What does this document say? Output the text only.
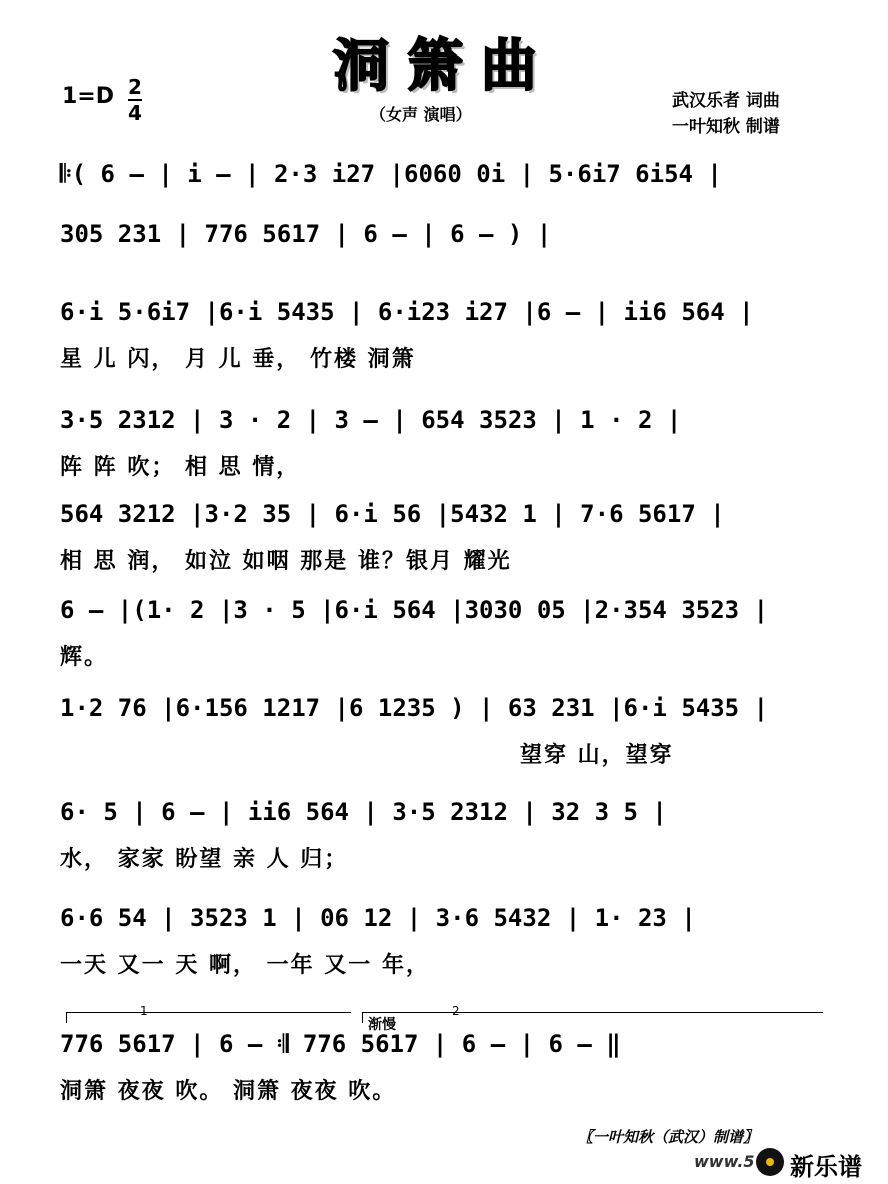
洞箫曲
1=D 2
4	（女声 演唱）
武汉乐者 词曲
一叶知秋 制谱
𝄆( 6 – | i – | 2·3 i27 |6060 0i | 5·6i7 6i54 |
305 231 | 776 5617 | 6 – | 6 – ) |
6·i 5·6i7 |6·i 5435 | 6·i23 i27 |6 – | ii6 564 |
星 儿 闪， 月 儿 垂， 竹楼 洞箫
3·5 2312 | 3 · 2 | 3 – | 654 3523 | 1 · 2 |
阵 阵 吹； 相 思 情，
564 3212 |3·2 35 | 6·i 56 |5432 1 | 7·6 5617 |
相 思 润， 如泣 如咽 那是 谁？银月 耀光
6 – |(1· 2 |3 · 5 |6·i 564 |3030 05 |2·354 3523 |
辉。
1·2 76 |6·156 1217 |6 1235 ) | 63 231 |6·i 5435 |
望穿 山，望穿
6· 5 | 6 – | ii6 564 | 3·5 2312 | 32 3 5 |
水， 家家 盼望 亲 人 归；
6·6 54 | 3523 1 | 06 12 | 3·6 5432 | 1· 23 |
一天 又一 天 啊， 一年 又一 年，
776 5617 | 6 – 𝄇 776 5617 | 6 – | 6 – ‖
洞箫 夜夜 吹。 洞箫 夜夜 吹。
1	2
渐慢
〖一叶知秋（武汉）制谱〗
www.5 新乐谱
